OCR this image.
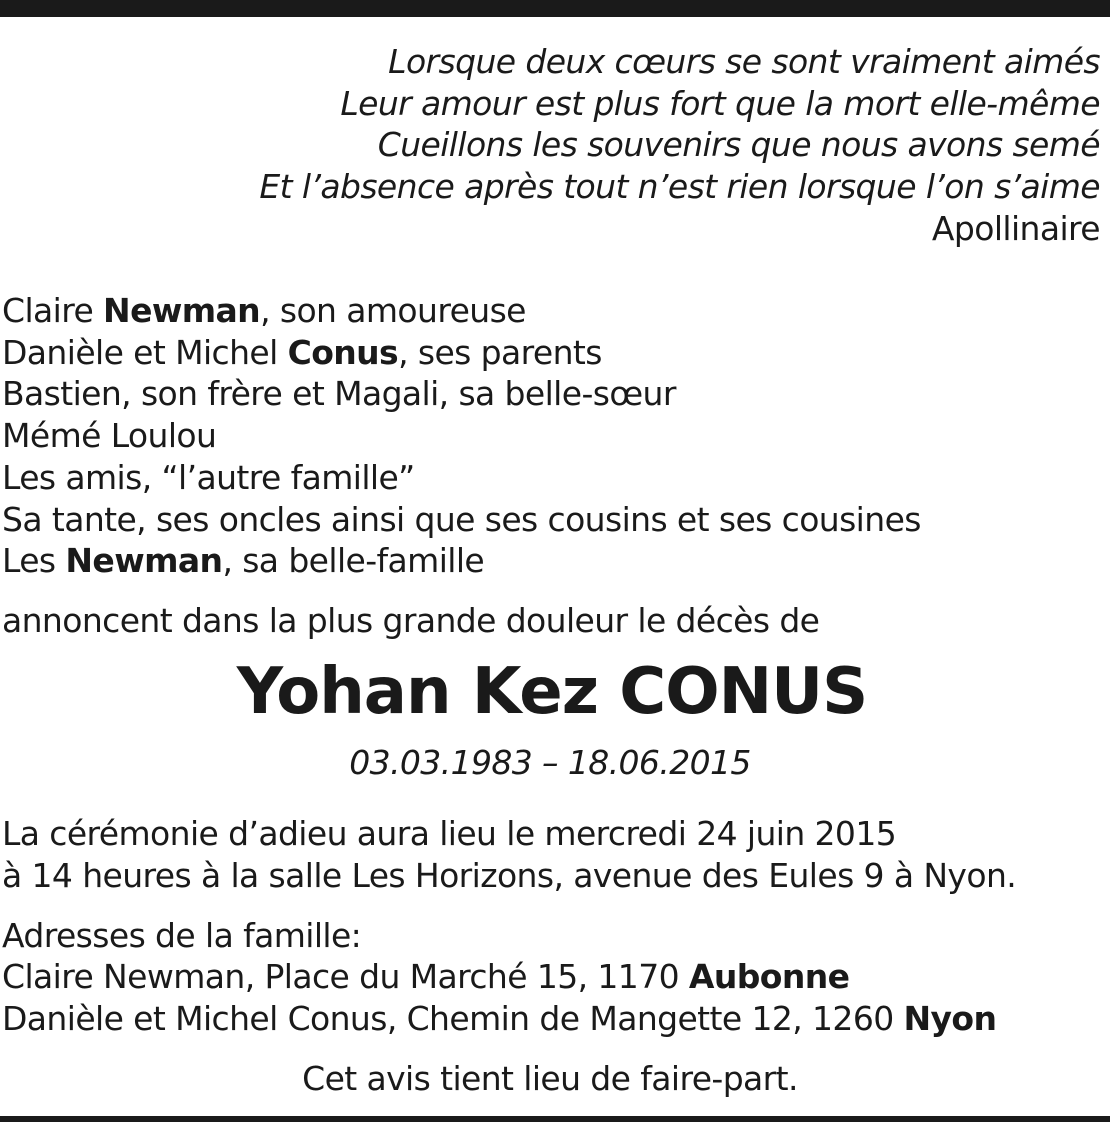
Lorsque deux cœurs se sont vraiment aimés
Leur amour est plus fort que la mort elle-même
Cueillons les souvenirs que nous avons semé
Et l’absence après tout n’est rien lorsque l’on s’aime
Apollinaire
Claire Newman, son amoureuse
Danièle et Michel Conus, ses parents
Bastien, son frère et Magali, sa belle-sœur
Mémé Loulou
Les amis, “l’autre famille”
Sa tante, ses oncles ainsi que ses cousins et ses cousines
Les Newman, sa belle-famille
annoncent dans la plus grande douleur le décès de
Yohan Kez CONUS
03.03.1983 – 18.06.2015
La cérémonie d’adieu aura lieu le mercredi 24 juin 2015
à 14 heures à la salle Les Horizons, avenue des Eules 9 à Nyon.
Adresses de la famille:
Claire Newman, Place du Marché 15, 1170 Aubonne
Danièle et Michel Conus, Chemin de Mangette 12, 1260 Nyon
Cet avis tient lieu de faire-part.
